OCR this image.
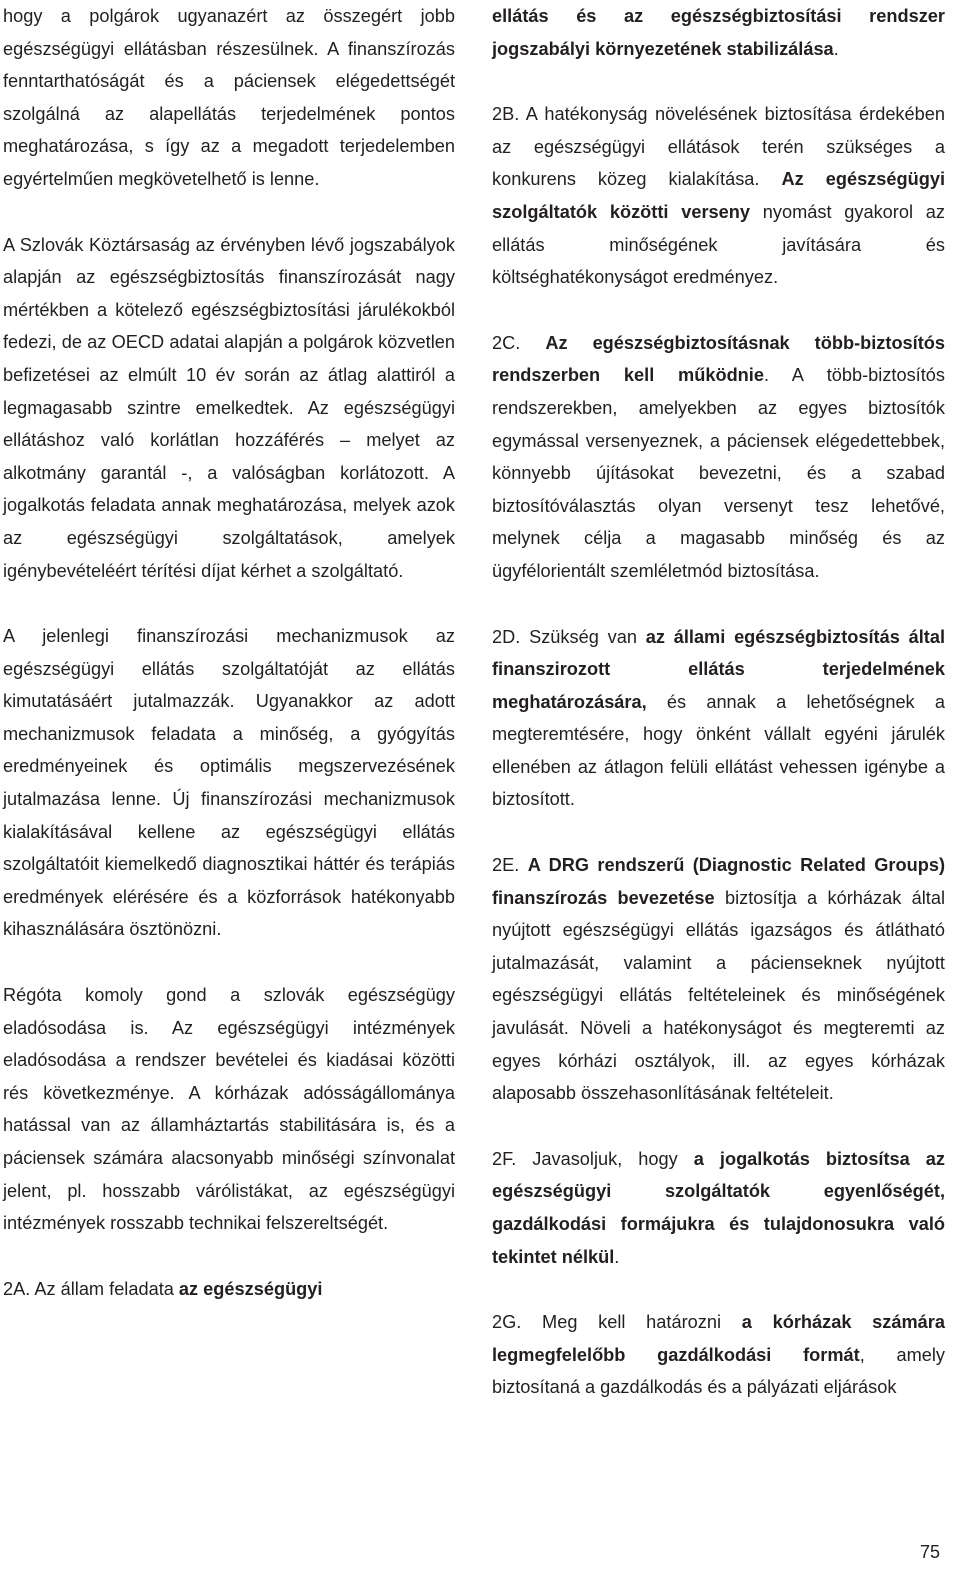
hogy a polgárok ugyanazért az összegért jobb egészségügyi ellátásban részesülnek. A finanszírozás fenntarthatóságát és a páciensek elégedettségét szolgálná az alapellátás terjedelmének pontos meghatározása, s így az a megadott terjedelemben egyértelműen megkövetelhető is lenne.

A Szlovák Köztársaság az érvényben lévő jogszabályok alapján az egészségbiztosítás finanszírozását nagy mértékben a kötelező egészségbiztosítási járulékokból fedezi, de az OECD adatai alapján a polgárok közvetlen befizetései az elmúlt 10 év során az átlag alattiról a legmagasabb szintre emelkedtek. Az egészségügyi ellátáshoz való korlátlan hozzáférés – melyet az alkotmány garantál -, a valóságban korlátozott. A jogalkotás feladata annak meghatározása, melyek azok az egészségügyi szolgáltatások, amelyek igénybevételéért térítési díjat kérhet a szolgáltató.

A jelenlegi finanszírozási mechanizmusok az egészségügyi ellátás szolgáltatóját az ellátás kimutatásáért jutalmazzák. Ugyanakkor az adott mechanizmusok feladata a minőség, a gyógyítás eredményeinek és optimális megszervezésének jutalmazása lenne. Új finanszírozási mechanizmusok kialakításával kellene az egészségügyi ellátás szolgáltatóit kiemelkedő diagnosztikai háttér és terápiás eredmények elérésére és a közforrások hatékonyabb kihasználására ösztönözni.

Régóta komoly gond a szlovák egészségügy eladósodása is. Az egészségügyi intézmények eladósodása a rendszer bevételei és kiadásai közötti rés következménye. A kórházak adósságállománya hatással van az államháztartás stabilitására is, és a páciensek számára alacsonyabb minőségi színvonalat jelent, pl. hosszabb várólistákat, az egészségügyi intézmények rosszabb technikai felszereltségét.

2A. Az állam feladata az egészségügyi

ellátás és az egészségbiztosítási rendszer jogszabályi környezetének stabilizálása.

2B. A hatékonyság növelésének biztosítása érdekében az egészségügyi ellátások terén szükséges a konkurens közeg kialakítása. Az egészségügyi szolgáltatók közötti verseny nyomást gyakorol az ellátás minőségének javítására és költséghatékonyságot eredményez.

2C. Az egészségbiztosításnak több-biztosítós rendszerben kell működnie. A több-biztosítós rendszerekben, amelyekben az egyes biztosítók egymással versenyeznek, a páciensek elégedettebbek, könnyebb újításokat bevezetni, és a szabad biztosítóválasztás olyan versenyt tesz lehetővé, melynek célja a magasabb minőség és az ügyfélorientált szemléletmód biztosítása.

2D. Szükség van az állami egészségbiztosítás által finanszirozott ellátás terjedelmének meghatározására, és annak a lehetőségnek a megteremtésére, hogy önként vállalt egyéni járulék ellenében az átlagon felüli ellátást vehessen igénybe a biztosított.

2E. A DRG rendszerű (Diagnostic Related Groups) finanszírozás bevezetése biztosítja a kórházak által nyújtott egészségügyi ellátás igazságos és átlátható jutalmazását, valamint a pácienseknek nyújtott egészségügyi ellátás feltételeinek és minőségének javulását. Növeli a hatékonyságot és megteremti az egyes kórházi osztályok, ill. az egyes kórházak alaposabb összehasonlításának feltételeit.

2F. Javasoljuk, hogy a jogalkotás biztosítsa az egészségügyi szolgáltatók egyenlőségét, gazdálkodási formájukra és tulajdonosukra való tekintet nélkül.

2G. Meg kell határozni a kórházak számára legmegfelelőbb gazdálkodási formát, amely biztosítaná a gazdálkodás és a pályázati eljárások

75
